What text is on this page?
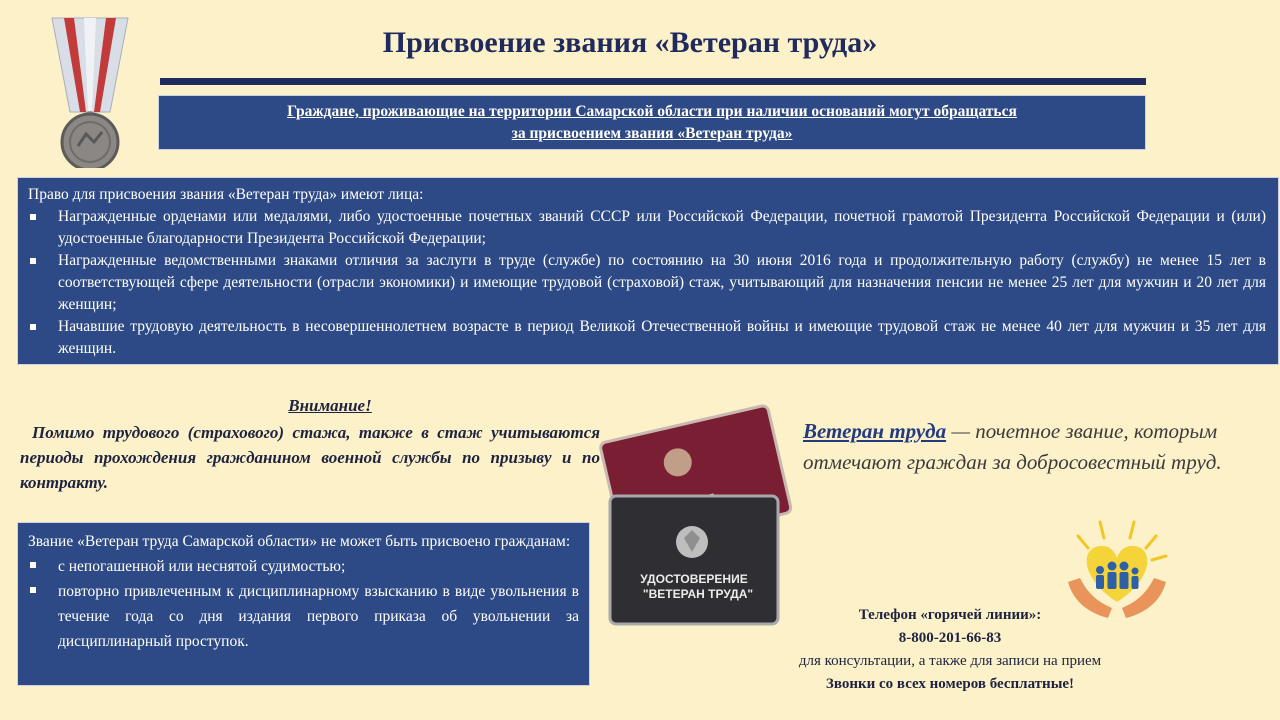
Присвоение звания «Ветеран труда»
Граждане, проживающие на территории Самарской области при наличии оснований могут обращаться
за присвоением звания «Ветеран труда»
Право для присвоения звания «Ветеран труда» имеют лица:
Награжденные орденами или медалями, либо удостоенные почетных званий СССР или Российской Федерации, почетной грамотой Президента Российской Федерации и (или) удостоенные благодарности Президента Российской Федерации;
Награжденные ведомственными знаками отличия за заслуги в труде (службе) по состоянию на 30 июня 2016 года и продолжительную работу (службу) не менее 15 лет в соответствующей сфере деятельности (отрасли экономики) и имеющие трудовой (страховой) стаж, учитывающий для назначения пенсии не менее 25 лет для мужчин и 20 лет для женщин;
Начавшие трудовую деятельность в несовершеннолетнем возрасте в период Великой Отечественной войны и имеющие трудовой стаж не менее 40 лет для мужчин и 35 лет для женщин.
Внимание!
Помимо трудового (страхового) стажа, также в стаж учитываются периоды прохождения гражданином военной службы по призыву и по контракту.
Звание «Ветеран труда Самарской области» не может быть присвоено гражданам:
с непогашенной или неснятой судимостью;
повторно привлеченным к дисциплинарному взысканию в виде увольнения в течение года со дня издания первого приказа об увольнении за дисциплинарный проступок.
УДОСТОВЕРЕНИЕ
"ВЕТЕРАН ТРУДА"
Ветеран труда — почетное звание, которым отмечают граждан за добросовестный труд.
Телефон «горячей линии»:
8-800-201-66-83
для консультации, а также для записи на прием
Звонки со всех номеров бесплатные!
